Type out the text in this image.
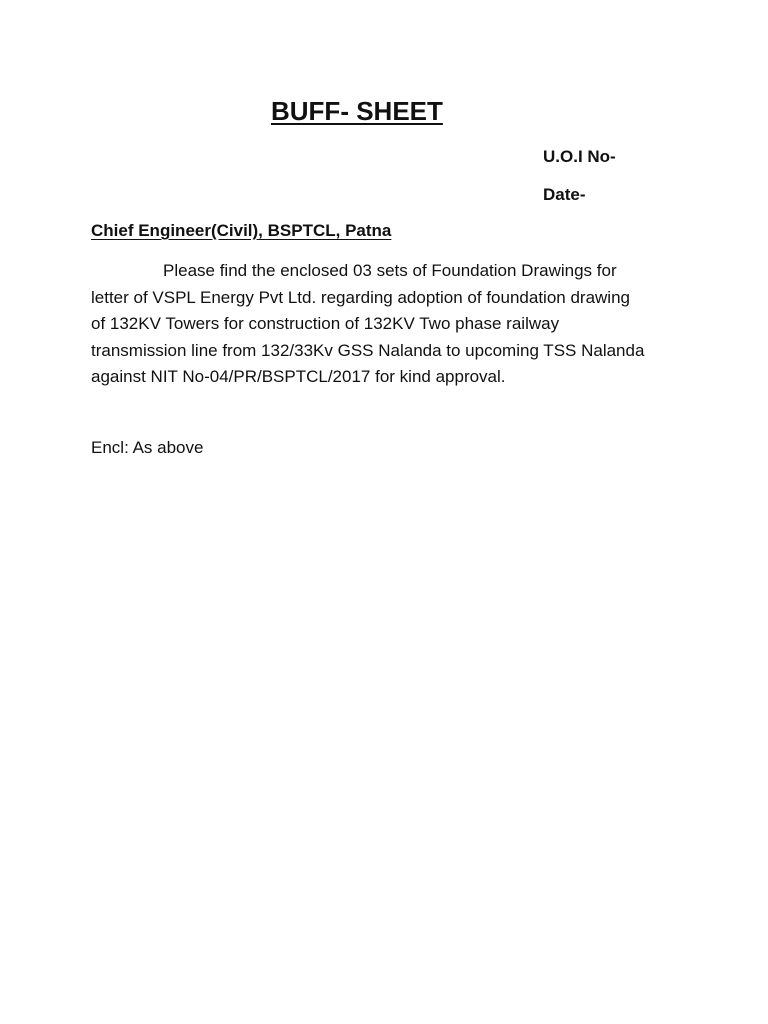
BUFF- SHEET
U.O.I No-
Date-
Chief Engineer(Civil), BSPTCL, Patna
Please find the enclosed 03 sets of Foundation Drawings for
letter of VSPL Energy Pvt Ltd. regarding adoption of foundation drawing
of 132KV Towers for construction of 132KV Two phase railway
transmission line from 132/33Kv GSS Nalanda to upcoming TSS Nalanda
against NIT No-04/PR/BSPTCL/2017 for kind approval.
Encl: As above
